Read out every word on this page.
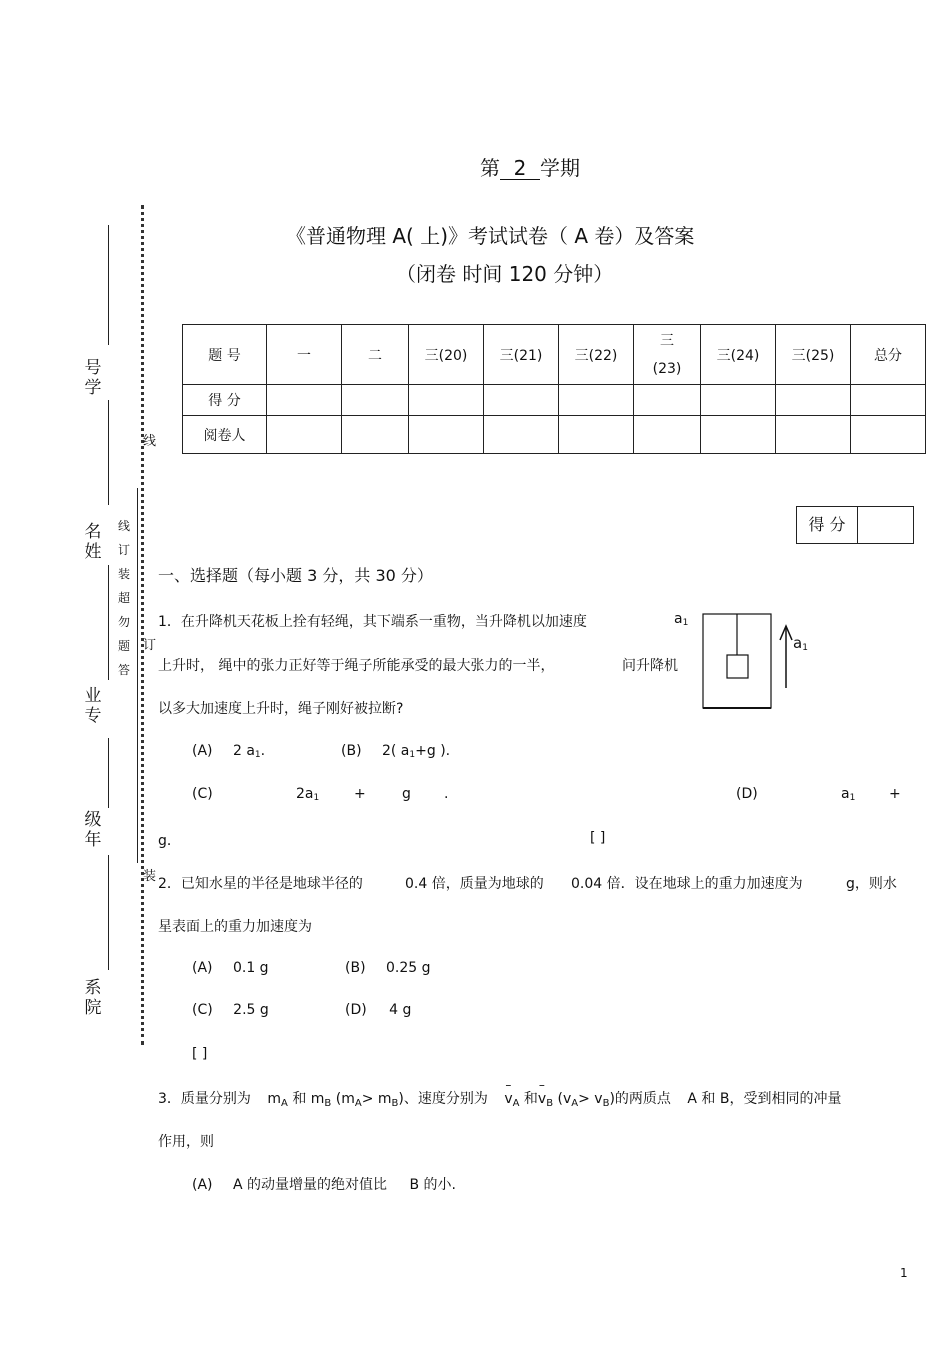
第 2 学期
《普通物理 A( 上)》考试试卷（ A 卷）及答案
（闭卷 时间 120 分钟）
号学
名姓
业专
级年
系院
线
订
装
超
勿
题
答
线
订
装
题 号	一	二	三(20)	三(21)	三(22)	三
(23)	三(24)	三(25)	总分
得 分									
阅卷人									
得 分
一、选择题（每小题 3 分，共 30 分）
1．在升降机天花板上拴有轻绳，其下端系一重物，当升降机以加速度	$a_1$
上升时， 绳中的张力正好等于绳子所能承受的最大张力的一半，	问升降机
以多大加速度上升时，绳子刚好被拉断?
$a_1$
(A) 2 $a_1$.	(B) 2( $a_1+g$ ).
(C)	$2a_1$ +	g .	(D)	$a_1$ +
g．	[ ]
2．已知水星的半径是地球半径的	0.4 倍，质量为地球的 0.04 倍．设在地球上的重力加速度为	g，则水
星表面上的重力加速度为
(A) 0.1 g	(B) 0.25 g
(C) 2.5 g	(D) 4 g
[ ]
3．质量分别为 $m_A$ 和 $m_B$ $(m_A> m_B)$、速度分别为 – $v_A$ 和– $v_B$ $(v_A> v_B)$的两质点 A 和 B，受到相同的冲量
作用，则
(A) A 的动量增量的绝对值比 B 的小.
1
